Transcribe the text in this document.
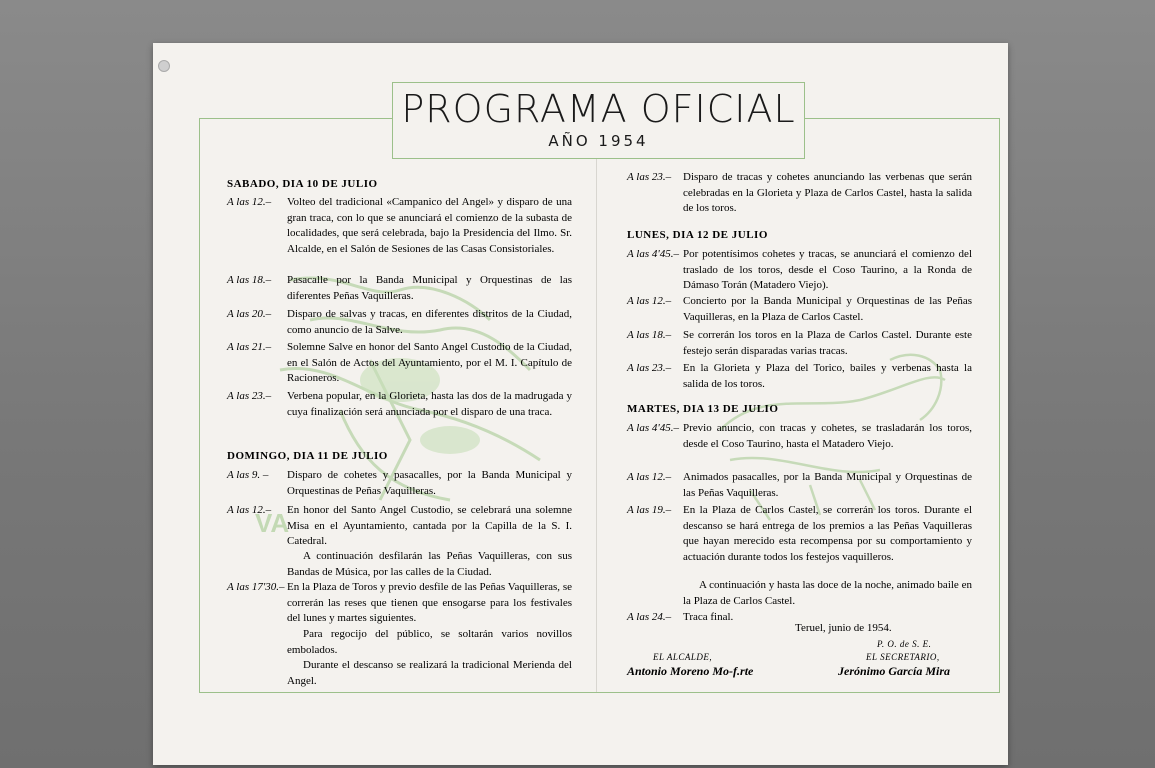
VA
PROGRAMA OFICIAL
AÑO 1954
SABADO, DIA 10 DE JULIO
A las 12.– Volteo del tradicional «Campanico del Angel» y disparo de una gran traca, con lo que se anunciará el comienzo de la subasta de localidades, que será celebrada, bajo la Presidencia del Ilmo. Sr. Alcalde, en el Salón de Sesiones de las Casas Consistoriales.
A las 18.– Pasacalle por la Banda Municipal y Orquestinas de las diferentes Peñas Vaquilleras.
A las 20.– Disparo de salvas y tracas, en diferentes distritos de la Ciudad, como anuncio de la Salve.
A las 21.– Solemne Salve en honor del Santo Angel Custodio de la Ciudad, en el Salón de Actos del Ayuntamiento, por el M. I. Capítulo de Racioneros.
A las 23.– Verbena popular, en la Glorieta, hasta las dos de la madrugada y cuya finalización será anunciada por el disparo de una traca.
DOMINGO, DIA 11 DE JULIO
A las 9. – Disparo de cohetes y pasacalles, por la Banda Municipal y Orquestinas de Peñas Vaquilleras.
A las 12.– En honor del Santo Angel Custodio, se celebrará una solemne Misa en el Ayuntamiento, cantada por la Capilla de la S. I. Catedral.
A continuación desfilarán las Peñas Vaquilleras, con sus Bandas de Música, por las calles de la Ciudad.
A las 17'30.– En la Plaza de Toros y previo desfile de las Peñas Vaquilleras, se correrán las reses que tienen que ensogarse para los festivales del lunes y martes siguientes.
Para regocijo del público, se soltarán varios novillos embolados.
Durante el descanso se realizará la tradicional Merienda del Angel.
A las 23.– Disparo de tracas y cohetes anunciando las verbenas que serán celebradas en la Glorieta y Plaza de Carlos Castel, hasta la salida de los toros.
LUNES, DIA 12 DE JULIO
A las 4'45.– Por potentísimos cohetes y tracas, se anunciará el comienzo del traslado de los toros, desde el Coso Taurino, a la Ronda de Dámaso Torán (Matadero Viejo).
A las 12.– Concierto por la Banda Municipal y Orquestinas de las Peñas Vaquilleras, en la Plaza de Carlos Castel.
A las 18.– Se correrán los toros en la Plaza de Carlos Castel. Durante este festejo serán disparadas varias tracas.
A las 23.– En la Glorieta y Plaza del Torico, bailes y verbenas hasta la salida de los toros.
MARTES, DIA 13 DE JULIO
A las 4'45.– Previo anuncio, con tracas y cohetes, se trasladarán los toros, desde el Coso Taurino, hasta el Matadero Viejo.
A las 12.– Animados pasacalles, por la Banda Municipal y Orquestinas de las Peñas Vaquilleras.
A las 19.– En la Plaza de Carlos Castel, se correrán los toros. Durante el descanso se hará entrega de los premios a las Peñas Vaquilleras que hayan merecido esta recompensa por su comportamiento y actuación durante todos los festejos vaquilleros.
A continuación y hasta las doce de la noche, animado baile en la Plaza de Carlos Castel.
A las 24.– Traca final.
Teruel, junio de 1954.
P. O. de S. E.
EL ALCALDE,	EL SECRETARIO,
Antonio Moreno Mo-f.rte	Jerónimo García Mira
